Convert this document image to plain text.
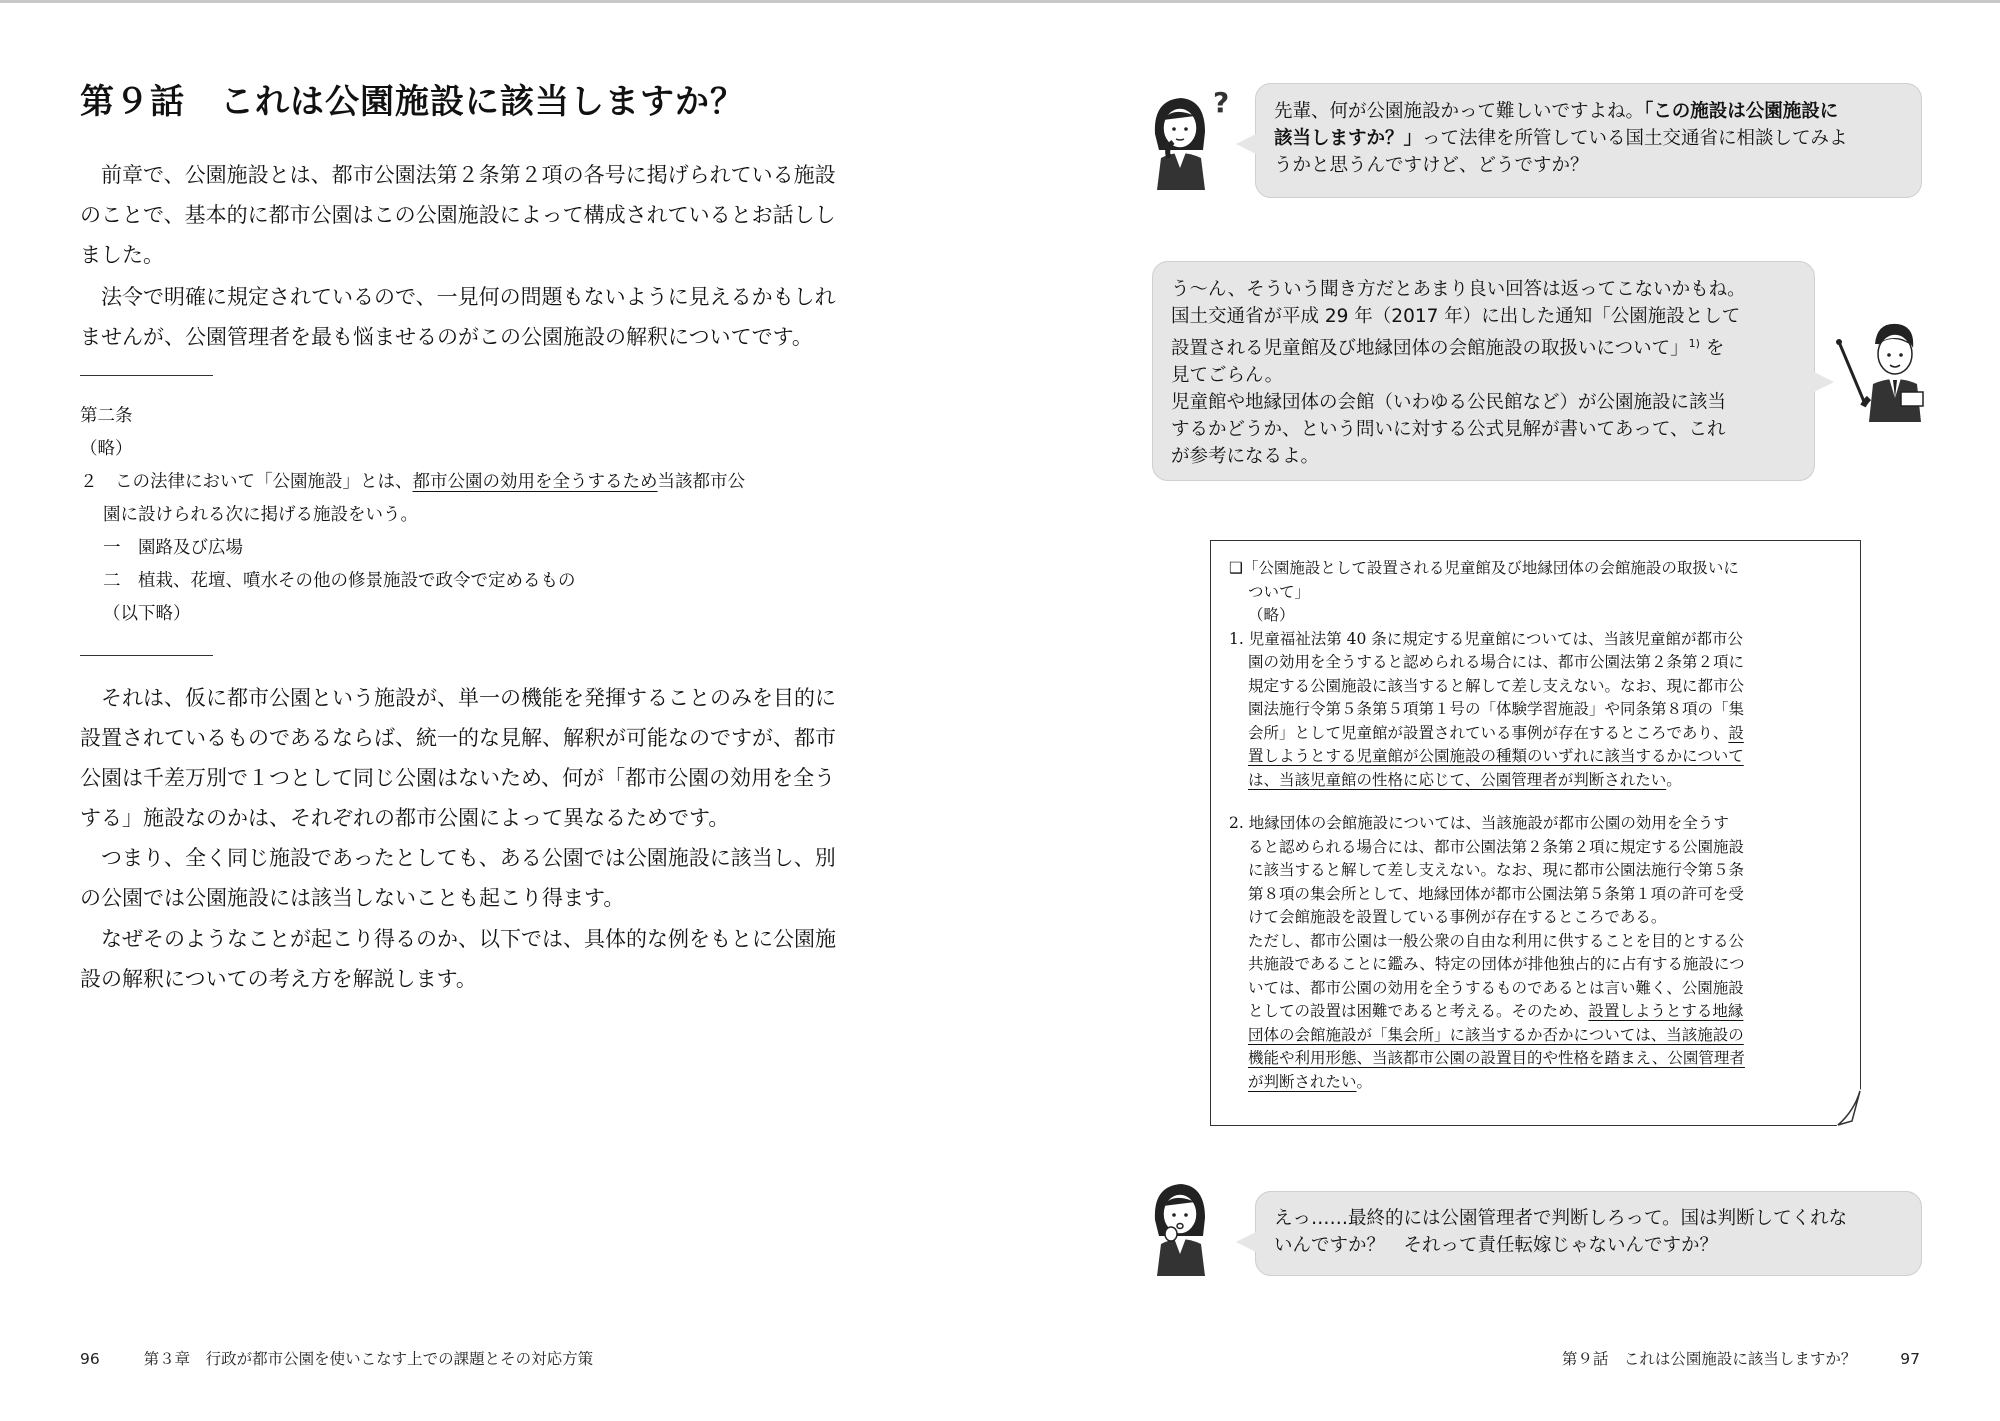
第９話　これは公園施設に該当しますか？

前章で、公園施設とは、都市公園法第２条第２項の各号に掲げられている施設のことで、基本的に都市公園はこの公園施設によって構成されているとお話ししました。

法令で明確に規定されているので、一見何の問題もないように見えるかもしれませんが、公園管理者を最も悩ませるのがこの公園施設の解釈についてです。

第二条
（略）
２　この法律において「公園施設」とは、都市公園の効用を全うするため当該都市公
園に設けられる次に掲げる施設をいう。
一　園路及び広場
二　植栽、花壇、噴水その他の修景施設で政令で定めるもの
（以下略）

それは、仮に都市公園という施設が、単一の機能を発揮することのみを目的に設置されているものであるならば、統一的な見解、解釈が可能なのですが、都市公園は千差万別で１つとして同じ公園はないため、何が「都市公園の効用を全うする」施設なのかは、それぞれの都市公園によって異なるためです。

つまり、全く同じ施設であったとしても、ある公園では公園施設に該当し、別の公園では公園施設には該当しないことも起こり得ます。

なぜそのようなことが起こり得るのか、以下では、具体的な例をもとに公園施設の解釈についての考え方を解説します。

96	第３章　行政が都市公園を使いこなす上での課題とその対応方策
? 先輩、何が公園施設かって難しいですよね。「この施設は公園施設に
該当しますか？」って法律を所管している国土交通省に相談してみよ
うかと思うんですけど、どうですか？
う〜ん、そういう聞き方だとあまり良い回答は返ってこないかもね。
国土交通省が平成 29 年（2017 年）に出した通知「公園施設として
設置される児童館及び地縁団体の会館施設の取扱いについて」$^{1)}$ を
見てごらん。
児童館や地縁団体の会館（いわゆる公民館など）が公園施設に該当
するかどうか、という問いに対する公式見解が書いてあって、これ
が参考になるよ。
❑「公園施設として設置される児童館及び地縁団体の会館施設の取扱いに
ついて」
（略）
1. 児童福祉法第 40 条に規定する児童館については、当該児童館が都市公
園の効用を全うすると認められる場合には、都市公園法第２条第２項に
規定する公園施設に該当すると解して差し支えない。なお、現に都市公
園法施行令第５条第５項第１号の「体験学習施設」や同条第８項の「集
会所」として児童館が設置されている事例が存在するところであり、設
置しようとする児童館が公園施設の種類のいずれに該当するかについて
は、当該児童館の性格に応じて、公園管理者が判断されたい。
2. 地縁団体の会館施設については、当該施設が都市公園の効用を全うす
ると認められる場合には、都市公園法第２条第２項に規定する公園施設
に該当すると解して差し支えない。なお、現に都市公園法施行令第５条
第８項の集会所として、地縁団体が都市公園法第５条第１項の許可を受
けて会館施設を設置している事例が存在するところである。
ただし、都市公園は一般公衆の自由な利用に供することを目的とする公
共施設であることに鑑み、特定の団体が排他独占的に占有する施設につ
いては、都市公園の効用を全うするものであるとは言い難く、公園施設
としての設置は困難であると考える。そのため、設置しようとする地縁
団体の会館施設が「集会所」に該当するか否かについては、当該施設の
機能や利用形態、当該都市公園の設置目的や性格を踏まえ、公園管理者
が判断されたい。
えっ……最終的には公園管理者で判断しろって。国は判断してくれな
いんですか？　それって責任転嫁じゃないんですか？
第９話　これは公園施設に該当しますか？	97
